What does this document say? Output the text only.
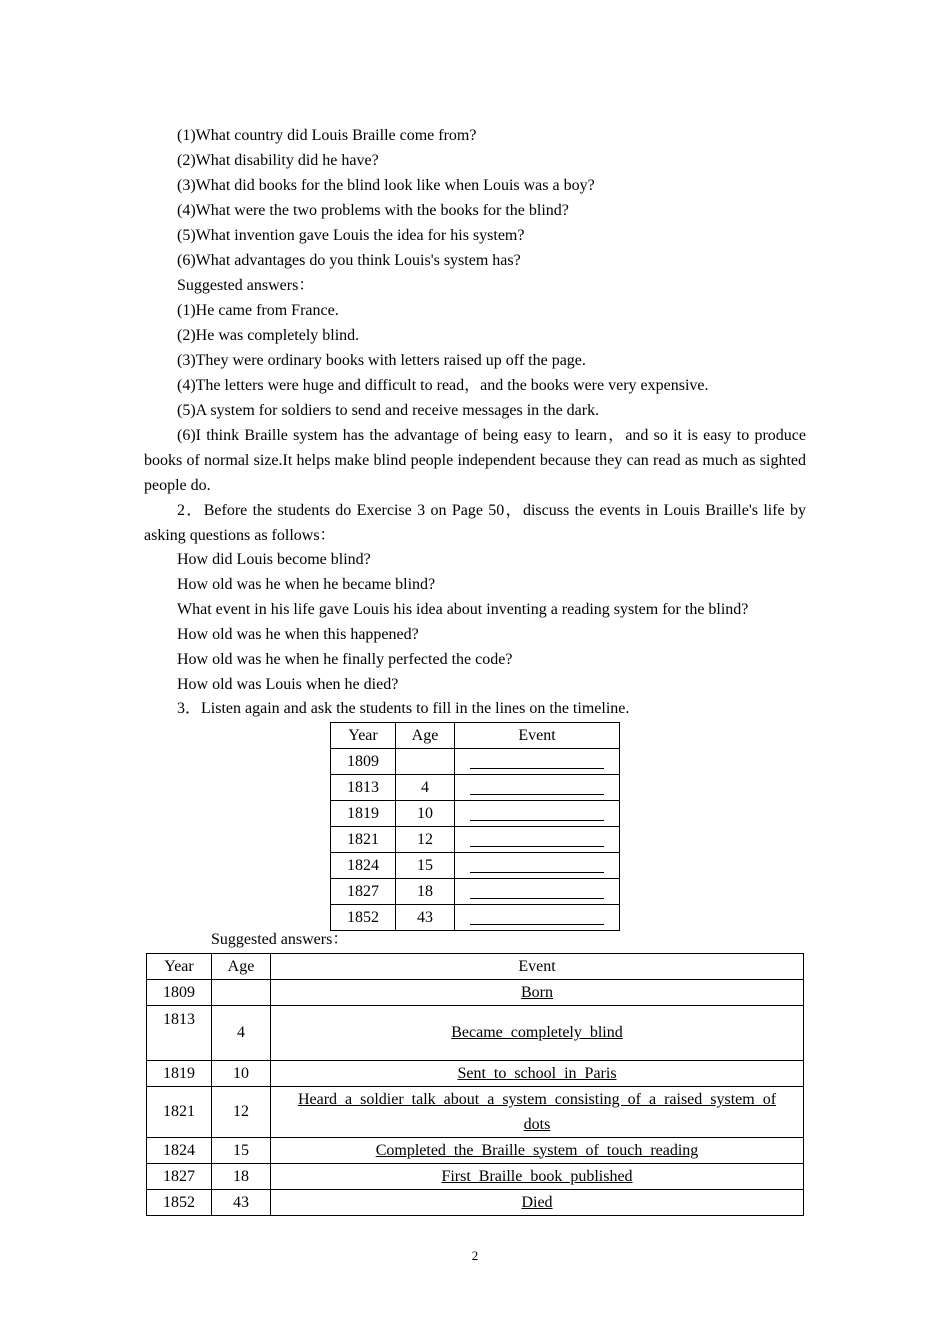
(1)What country did Louis Braille come from?
(2)What disability did he have?
(3)What did books for the blind look like when Louis was a boy?
(4)What were the two problems with the books for the blind?
(5)What invention gave Louis the idea for his system?
(6)What advantages do you think Louis's system has?
Suggested answers：
(1)He came from France.
(2)He was completely blind.
(3)They were ordinary books with letters raised up off the page.
(4)The letters were huge and difficult to read，and the books were very expensive.
(5)A system for soldiers to send and receive messages in the dark.
(6)I think Braille system has the advantage of being easy to learn，and so it is easy to produce books of normal size.It helps make blind people independent because they can read as much as sighted people do.
2．Before the students do Exercise 3 on Page 50，discuss the events in Louis Braille's life by asking questions as follows：
How did Louis become blind?
How old was he when he became blind?
What event in his life gave Louis his idea about inventing a reading system for the blind?
How old was he when this happened?
How old was he when he finally perfected the code?
How old was Louis when he died?
3．Listen again and ask the students to fill in the lines on the timeline.
Year	Age	Event
1809		
1813	4	
1819	10	
1821	12	
1824	15	
1827	18	
1852	43	
Suggested answers：
Year	Age	Event
1809		Born
1813	4	Became completely blind
1819	10	Sent to school in Paris
1821	12	Heard a soldier talk about a system consisting of a raised system of dots
1824	15	Completed the Braille system of touch reading
1827	18	First Braille book published
1852	43	Died
2
